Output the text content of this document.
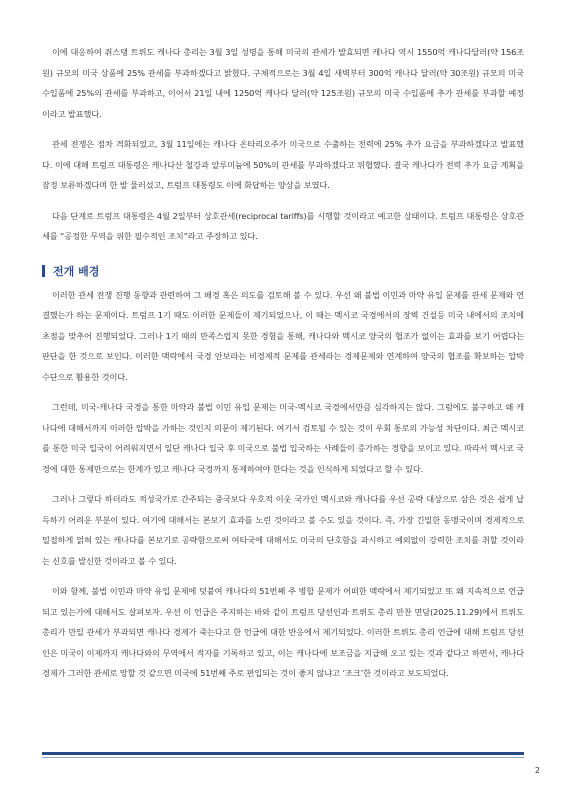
이에 대응하여 쥐스탱 트뤼도 캐나다 총리는 3월 3일 성명을 통해 미국의 관세가 발효되면 캐나다 역시 1550억 캐나다달러(약 156조원) 규모의 미국 상품에 25% 관세를 부과하겠다고 밝혔다. 구체적으로는 3월 4일 새벽부터 300억 캐나다 달러(약 30조원) 규모의 미국 수입품에 25%의 관세를 부과하고, 이어서 21일 내에 1250억 캐나다 달러(약 125조원) 규모의 미국 수입품에 추가 관세를 부과할 예정이라고 발표했다.

관세 전쟁은 점차 격화되었고, 3월 11일에는 캐나다 온타리오주가 미국으로 수출하는 전력에 25% 추가 요금을 부과하겠다고 발표했다. 이에 대해 트럼프 대통령은 캐나다산 철강과 알루미늄에 50%의 관세를 부과하겠다고 위협했다. 결국 캐나다가 전력 추가 요금 계획을 잠정 보류하겠다며 한 발 물러섰고, 트럼프 대통령도 이에 화답하는 양상을 보였다.

다음 단계로 트럼프 대통령은 4월 2일부터 상호관세(reciprocal tariffs)를 시행할 것이라고 예고한 상태이다. 트럼프 대통령은 상호관세를 “공정한 무역을 위한 필수적인 조치”라고 주장하고 있다.

전개 배경

이러한 관세 전쟁 진행 동향과 관련하여 그 배경 혹은 의도를 검토해 볼 수 있다. 우선 왜 불법 이민과 마약 유입 문제를 관세 문제와 연결했는가 하는 문제이다. 트럼프 1기 때도 이러한 문제들이 제기되었으나, 이 때는 멕시코 국경에서의 장벽 건설등 미국 내에서의 조치에 초점을 맞추어 진행되었다. 그러나 1기 때의 만족스럽지 못한 경험을 통해, 캐나다와 멕시코 양국의 협조가 없이는 효과를 보기 어렵다는 판단을 한 것으로 보인다. 이러한 맥락에서 국경 안보라는 비경제적 문제를 관세라는 경제문제와 연계하여 양국의 협조를 확보하는 압박 수단으로 활용한 것이다.

그런데, 미국-캐나다 국경을 통한 마약과 불법 이민 유입 문제는 미국-멕시코 국경에서만큼 심각하지는 않다. 그럼에도 불구하고 왜 캐나다에 대해서까지 이러한 압박을 가하는 것인지 의문이 제기된다. 여기서 검토될 수 있는 것이 우회 통로의 가능성 차단이다. 최근 멕시코를 통한 미국 입국이 어려워지면서 일단 캐나다 입국 후 미국으로 불법 입국하는 사례들이 증가하는 경향을 보이고 있다. 따라서 멕시코 국경에 대한 통제만으로는 한계가 있고 캐나다 국경까지 통제하여야 한다는 것을 인식하게 되었다고 할 수 있다.

그러나 그렇다 하더라도 적성국가로 간주되는 중국보다 우호적 이웃 국가인 멕시코와 캐나다를 우선 공략 대상으로 삼은 것은 쉽게 납득하기 어려운 부분이 있다. 여기에 대해서는 본보기 효과를 노린 것이라고 볼 수도 있을 것이다. 즉, 가장 긴밀한 동맹국이며 경제적으로 밀접하게 얽혀 있는 캐나다를 본보기로 공략함으로써 여타국에 대해서도 미국의 단호함을 과시하고 예외없이 강력한 조치를 취할 것이라는 신호를 발신한 것이라고 볼 수 있다.

이와 함께, 불법 이민과 마약 유입 문제에 덧붙여 캐나다의 51번째 주 병합 문제가 어떠한 맥락에서 제기되었고 또 왜 지속적으로 언급되고 있는가에 대해서도 살펴보자. 우선 이 언급은 주지하는 바와 같이 트럼프 당선인과 트뤼도 총리 만찬 면담(2025.11.29)에서 트뤼도 총리가 만일 관세가 부과되면 캐나다 경제가 죽는다고 한 언급에 대한 반응에서 제기되었다. 이러한 트뤼도 총리 언급에 대해 트럼프 당선인은 미국이 이제까지 캐나다와의 무역에서 적자를 기록하고 있고, 이는 캐나다에 보조금을 지급해 오고 있는 것과 같다고 하면서, 캐나다 경제가 그러한 관세로 망할 것 같으면 미국에 51번째 주로 편입되는 것이 좋지 않냐고 ‘조크’한 것이라고 보도되었다.

2
